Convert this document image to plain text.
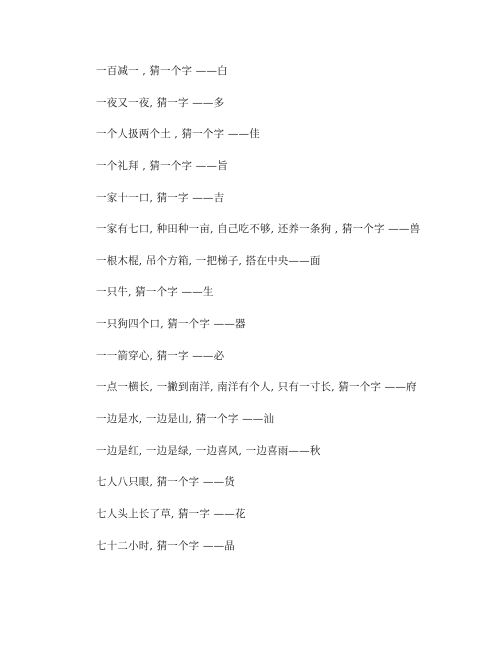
一百减一 , 猜一个字 ——白
一夜又一夜, 猜一字 ——多
一个人扱两个土 , 猜一个字 ——佳
一个礼拜 , 猜一个字 ——旨
一家十一口, 猜一字 ——吉
一家有七口, 种田种一亩, 自己吃不够, 还养一条狗 , 猜一个字 ——兽
一根木棍, 吊个方箱, 一把梯子, 搭在中央——面
一只牛, 猜一个字 ——生
一只狗四个口, 猜一个字 ——器
一一箭穿心, 猜一字 ——必
一点一横长, 一撇到南洋, 南洋有个人, 只有一寸长, 猜一个字 ——府
一边是水, 一边是山, 猜一个字 ——汕
一边是红, 一边是绿, 一边喜风, 一边喜雨——秋
七人八只眼, 猜一个字 ——货
七人头上长了草, 猜一字 ——花
七十二小时, 猜一个字 ——晶
